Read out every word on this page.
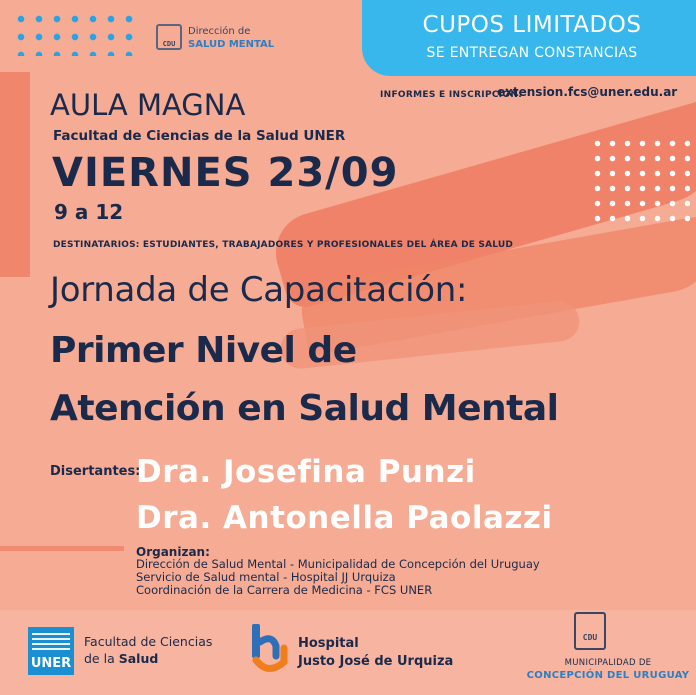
CDU
Dirección de
SALUD MENTAL
CUPOS LIMITADOS
SE ENTREGAN CONSTANCIAS
AULA MAGNA	INFORMES E INSCRIPCIÓN:
extension.fcs@uner.edu.ar
Facultad de Ciencias de la Salud UNER
VIERNES 23/09
9 a 12
DESTINATARIOS: ESTUDIANTES, TRABAJADORES Y PROFESIONALES DEL ÁREA DE SALUD
Jornada de Capacitación:
Primer Nivel de
Atención en Salud Mental
Disertantes:
Dra. Josefina Punzi
Dra. Antonella Paolazzi
Organizan:
Dirección de Salud Mental - Municipalidad de Concepción del Uruguay
Servicio de Salud mental - Hospital JJ Urquiza
Coordinación de la Carrera de Medicina - FCS UNER
UNER
Facultad de Ciencias
de la Salud
Hospital
Justo José de Urquiza
CDU
MUNICIPALIDAD DE
CONCEPCIÓN DEL URUGUAY
